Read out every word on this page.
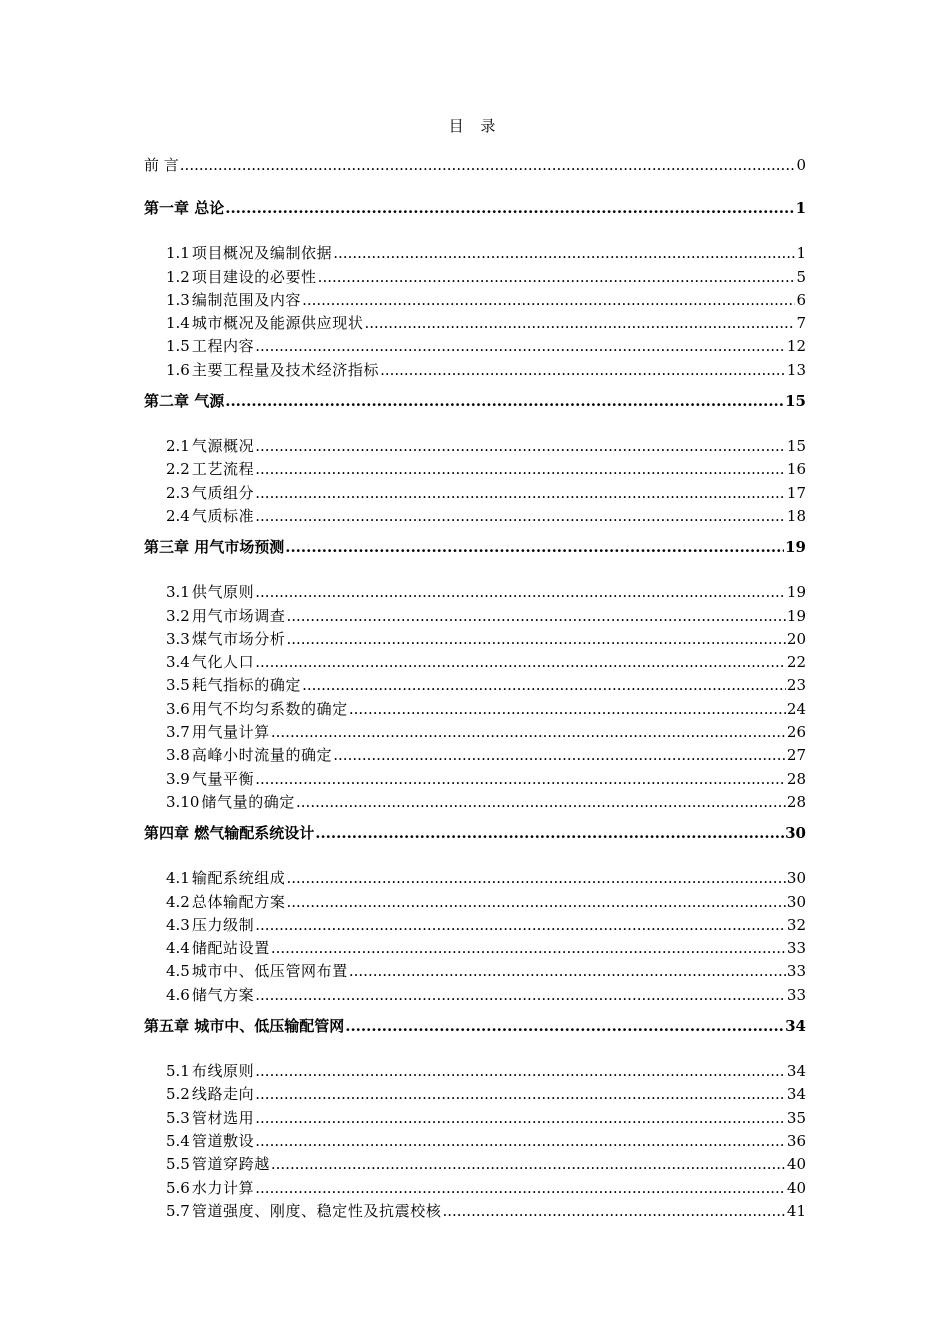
目 录
前 言 .....	0
第一章 总论 .....	1
1.1 项目概况及编制依据 .....	1
1.2 项目建设的必要性 .....	5
1.3 编制范围及内容 .....	6
1.4 城市概况及能源供应现状 .....	7
1.5 工程内容 .....	12
1.6 主要工程量及技术经济指标 .....	13
第二章 气源 .....	15
2.1 气源概况 .....	15
2.2 工艺流程 .....	16
2.3 气质组分 .....	17
2.4 气质标准 .....	18
第三章 用气市场预测 .....	19
3.1 供气原则 .....	19
3.2 用气市场调查 .....	19
3.3 煤气市场分析 .....	20
3.4 气化人口 .....	22
3.5 耗气指标的确定 .....	23
3.6 用气不均匀系数的确定 .....	24
3.7 用气量计算 .....	26
3.8 高峰小时流量的确定 .....	27
3.9 气量平衡 .....	28
3.10 储气量的确定 .....	28
第四章 燃气输配系统设计 .....	30
4.1 输配系统组成 .....	30
4.2 总体输配方案 .....	30
4.3 压力级制 .....	32
4.4 储配站设置 .....	33
4.5 城市中、低压管网布置 .....	33
4.6 储气方案 .....	33
第五章 城市中、低压输配管网 .....	34
5.1 布线原则 .....	34
5.2 线路走向 .....	34
5.3 管材选用 .....	35
5.4 管道敷设 .....	36
5.5 管道穿跨越 .....	40
5.6 水力计算 .....	40
5.7 管道强度、刚度、稳定性及抗震校核 .....	41
